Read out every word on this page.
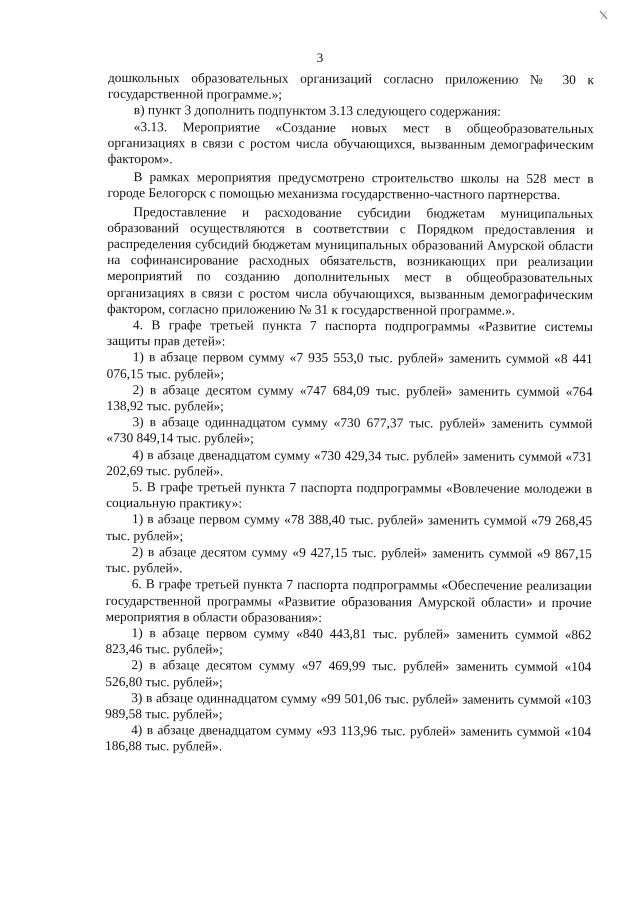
3

дошкольных образовательных организаций согласно приложению № 30 к государственной программе.»;

в) пункт 3 дополнить подпунктом 3.13 следующего содержания:

«3.13. Мероприятие «Создание новых мест в общеобразовательных организациях в связи с ростом числа обучающихся, вызванным демографическим фактором».

В рамках мероприятия предусмотрено строительство школы на 528 мест в городе Белогорск с помощью механизма государственно-частного партнерства.

Предоставление и расходование субсидии бюджетам муниципальных образований осуществляются в соответствии с Порядком предоставления и распределения субсидий бюджетам муниципальных образований Амурской области на софинансирование расходных обязательств, возникающих при реализации мероприятий по созданию дополнительных мест в общеобразовательных организациях в связи с ростом числа обучающихся, вызванным демографическим фактором, согласно приложению № 31 к государственной программе.».

4. В графе третьей пункта 7 паспорта подпрограммы «Развитие системы защиты прав детей»:

1) в абзаце первом сумму «7 935 553,0 тыс. рублей» заменить суммой «8 441 076,15 тыс. рублей»;

2) в абзаце десятом сумму «747 684,09 тыс. рублей» заменить суммой «764 138,92 тыс. рублей»;

3) в абзаце одиннадцатом сумму «730 677,37 тыс. рублей» заменить суммой «730 849,14 тыс. рублей»;

4) в абзаце двенадцатом сумму «730 429,34 тыс. рублей» заменить суммой «731 202,69 тыс. рублей».

5. В графе третьей пункта 7 паспорта подпрограммы «Вовлечение молодежи в социальную практику»:

1) в абзаце первом сумму «78 388,40 тыс. рублей» заменить суммой «79 268,45 тыс. рублей»;

2) в абзаце десятом сумму «9 427,15 тыс. рублей» заменить суммой «9 867,15 тыс. рублей».

6. В графе третьей пункта 7 паспорта подпрограммы «Обеспечение реализации государственной программы «Развитие образования Амурской области» и прочие мероприятия в области образования»:

1) в абзаце первом сумму «840 443,81 тыс. рублей» заменить суммой «862 823,46 тыс. рублей»;

2) в абзаце десятом сумму «97 469,99 тыс. рублей» заменить суммой «104 526,80 тыс. рублей»;

3) в абзаце одиннадцатом сумму «99 501,06 тыс. рублей» заменить суммой «103 989,58 тыс. рублей»;

4) в абзаце двенадцатом сумму «93 113,96 тыс. рублей» заменить суммой «104 186,88 тыс. рублей».
